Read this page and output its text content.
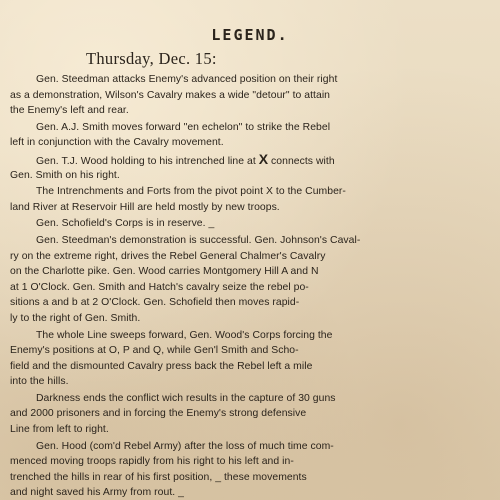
LEGEND.
Thursday, Dec. 15:
Gen. Steedman attacks Enemy's advanced position on their right
as a demonstration, Wilson's Cavalry makes a wide "detour" to attain
the Enemy's left and rear.
Gen. A.J. Smith moves forward "en echelon" to strike the Rebel
left in conjunction with the Cavalry movement.
Gen. T.J. Wood holding to his intrenched line at X connects with
Gen. Smith on his right.
The Intrenchments and Forts from the pivot point X to the Cumber-
land River at Reservoir Hill are held mostly by new troops.
Gen. Schofield's Corps is in reserve. _
Gen. Steedman's demonstration is successful. Gen. Johnson's Caval-
ry on the extreme right, drives the Rebel General Chalmer's Cavalry
on the Charlotte pike. Gen. Wood carries Montgomery Hill A and N
at 1 O'Clock. Gen. Smith and Hatch's cavalry seize the rebel po-
sitions a and b at 2 O'Clock. Gen. Schofield then moves rapid-
ly to the right of Gen. Smith.
The whole Line sweeps forward, Gen. Wood's Corps forcing the
Enemy's positions at O, P and Q, while Gen'l Smith and Scho-
field and the dismounted Cavalry press back the Rebel left a mile
into the hills.
Darkness ends the conflict wich results in the capture of 30 guns
and 2000 prisoners and in forcing the Enemy's strong defensive
Line from left to right.
Gen. Hood (com'd Rebel Army) after the loss of much time com-
menced moving troops rapidly from his right to his left and in-
trenched the hills in rear of his first position, _ these movements
and night saved his Army from rout. _
